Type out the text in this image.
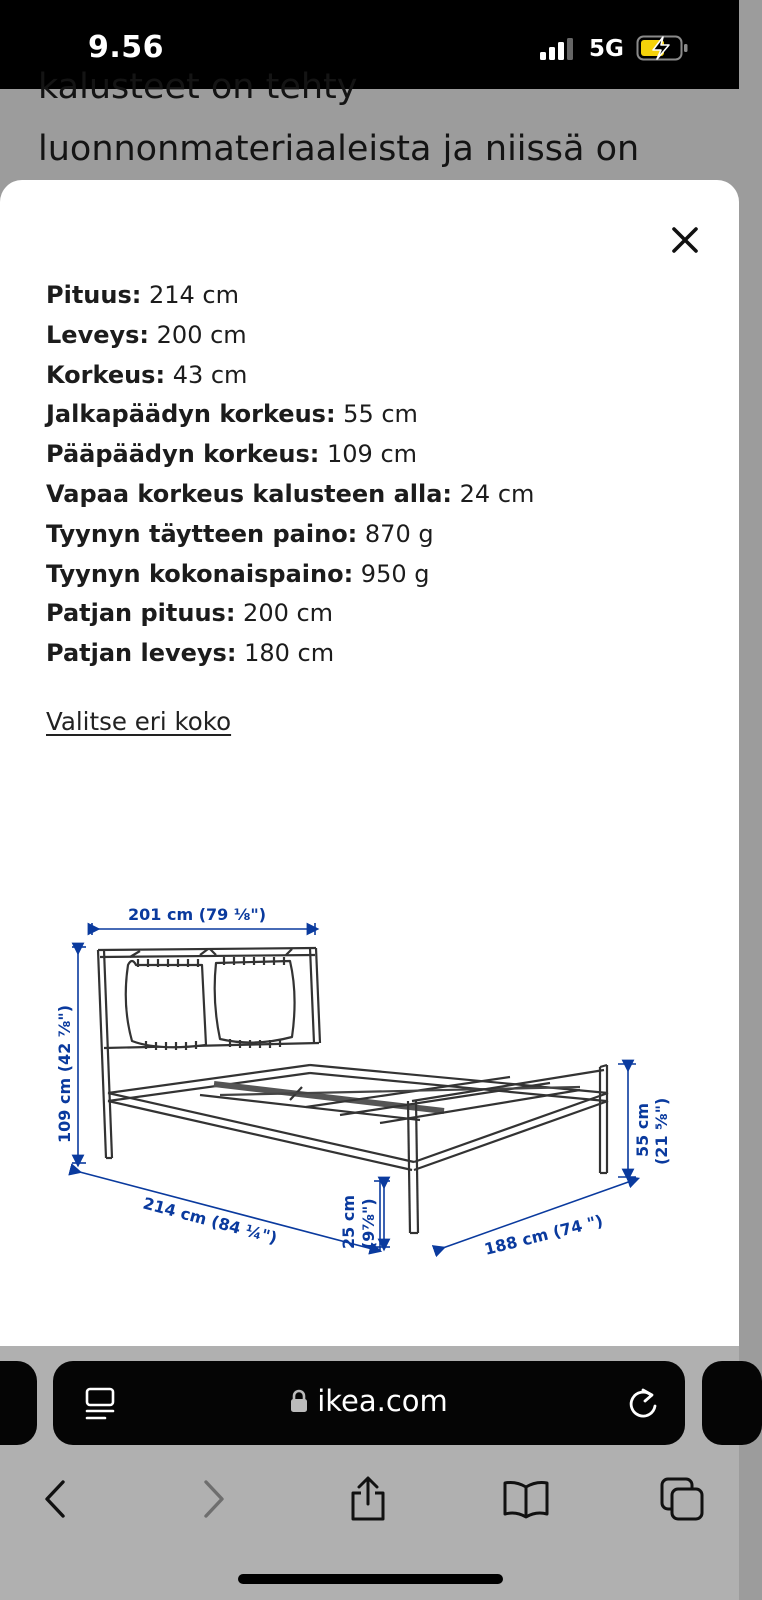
9.56	5G
kalusteet on tehty
luonnonmateriaaleista ja niissä on
Pituus: 214 cm
Leveys: 200 cm
Korkeus: 43 cm
Jalkapäädyn korkeus: 55 cm
Pääpäädyn korkeus: 109 cm
Vapaa korkeus kalusteen alla: 24 cm
Tyynyn täytteen paino: 870 g
Tyynyn kokonaispaino: 950 g
Patjan pituus: 200 cm
Patjan leveys: 180 cm
Valitse eri koko
201 cm (79 ⅛")
109 cm (42 ⅞")
214 cm (84 ¼")	25 cm (9⅞")	188 cm (74 ")
55 cm (21 ⅝")
ikea.com
